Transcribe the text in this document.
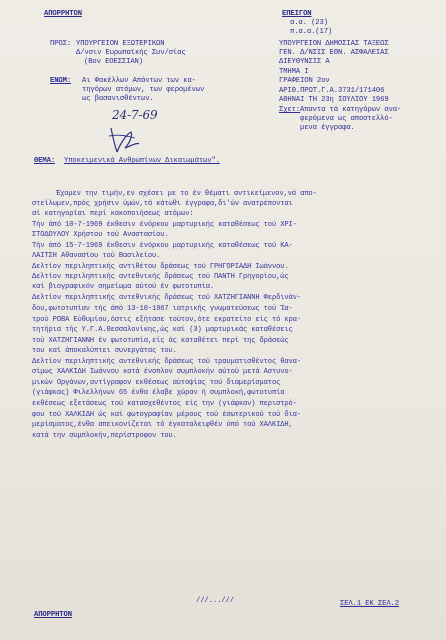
ΑΠΟΡΡΗΤΟΝ
ΠΡΟΣ: ΥΠΟΥΡΓΕΙΟΝ ΕΞΩΤΕΡΙΚΩΝ
Δ/νσιν Ευρωπαϊκής Συν/σίας
(Βον ΕΟΕΣΣΙΑΝ)
ΕΝΩΜ: Αι Φακέλλων Απάντων των κα-
τηγόρων ατόμων, των φερομένων
ως βασανισθέντων.
24-7-69
ΕΠΕΙΓΟΝ
α.α. (23)
π.α.α.(17)
ΥΠΟΥΡΓΕΙΟΝ ΔΗΜΟΣΙΑΣ ΤΑΞΕΩΣ
ΓΕΝ. Δ/ΝΣΙΣ ΕΘΝ. ΑΣΦΑΛΕΙΑΣ
ΔΙΕΥΘΥΝΣΙΣ Α
ΤΜΗΜΑ Ι
ΓΡΑΦΕΙΟΝ 2ον
ΑΡΙΘ.ΠΡΩΤ.Γ.Α.3731/171406
ΑΘΗΝΑΙ ΤΗ 23η ΙΟΥΛΙΟΥ 1969
Σχετ: Απαντα τά κατηγόρων ανα-
φερόμενα ως αποστελλό-
μενα έγγραφα.
ΘΕΜΑ: Υποκειμενικά Ανθρωπίνων Δικαιωμάτων".
Έχομεν την τιμήν,εν σχέσει με το έν θέματι αντικείμενον,νά απο-
στείλωμεν,πρός χρήσιν ύμών,τά κάτωθι έγγραφα,δι'ών ανατρέπονται
αί κατηγορίαι περί κακοποιήσεως ατόμων:
Τήν άπό 10-7-1969 έκθεσιν ένόρκου μαρτυρικής καταθέσεως τού ΧΡΙ-
ΣΤΟΔΟΥΛΟΥ Χρήστου τού Αναστασίου.
Τήν άπό 15-7-1969 έκθεσιν ένόρκου μαρτυρικής καταθέσεως τού ΚΑ-
ΛΑΙΤΣΗ Αθανασίου τού Βασιλείου.
Δελτίον περιληπτικής αντιθέτου δράσεως τού ΓΡΗΓΟΡΙΑΔΗ Ιωάννου.
Δελτίον περιληπτικής αντεθνικής δράσεως τού ΠΑΝΤΗ Γρηγορίου,ώς
καί βιογραφικόν σημείωμα αύτού έν φωτοτυπία.
Δελτίον περιληπτικής αντεθνικής δράσεως τού ΧΑΤΖΗΓΙΑΝΝΗ Φερδινάν-
δου,φωτοτυπίαν τής άπό 13-10-1967 ιατρικής γνωματεύσεως τού Ία-
τρού ΡΟΒΑ Εύθυμίου,όστις εξήτασε τούτον,ότε εκρατείτο είς τό κρα-
τητήρια τής Υ.Γ.Α.Θεσσαλονίκης,ώς καί (3) μαρτυρικάς καταθέσεις
τού ΧΑΤΖΗΓΙΑΝΝΗ έν φωτοτυπία,είς άς καταθέτει περί της δράσεώς
του καί άποκαλύπτει συνεργάτας του.
Δελτίον περιληπτικής αντεθνικής δράσεως τού τραυματισθέντος θανα-
σίμως ΧΑΛΚΙΔΗ Ιωάννου κατά ένοπλον συμπλοκήν αύτού μετά Αστυνο-
μικών Οργάνων,αντίγραφον εκθέσεως αύτοψίας τού διαμερίσματος
(γιάφκας) Φιλελλήνων 65 ένθα έλαβε χώραν ή συμπλοκή,φωτοτυπία
εκθέσεως εξετάσεως τού κατασχεθέντος είς την (γιάφκαν) περιστρό-
φου τού ΧΑΛΚΙΔΗ ώς καί φωτογραφίαν μέρους τού έσωτερικού τού δια-
μερίσματος,ένθα απεικονίζεται τό έγκαταλειφθέν ύπό τού ΧΑΛΚΙΔΗ,
κατά την συμπλοκήν,περίστροφον του.
///...///
ΑΠΟΡΡΗΤΟΝ
ΣΕΛ.1 ΕΚ ΣΕΛ.2
